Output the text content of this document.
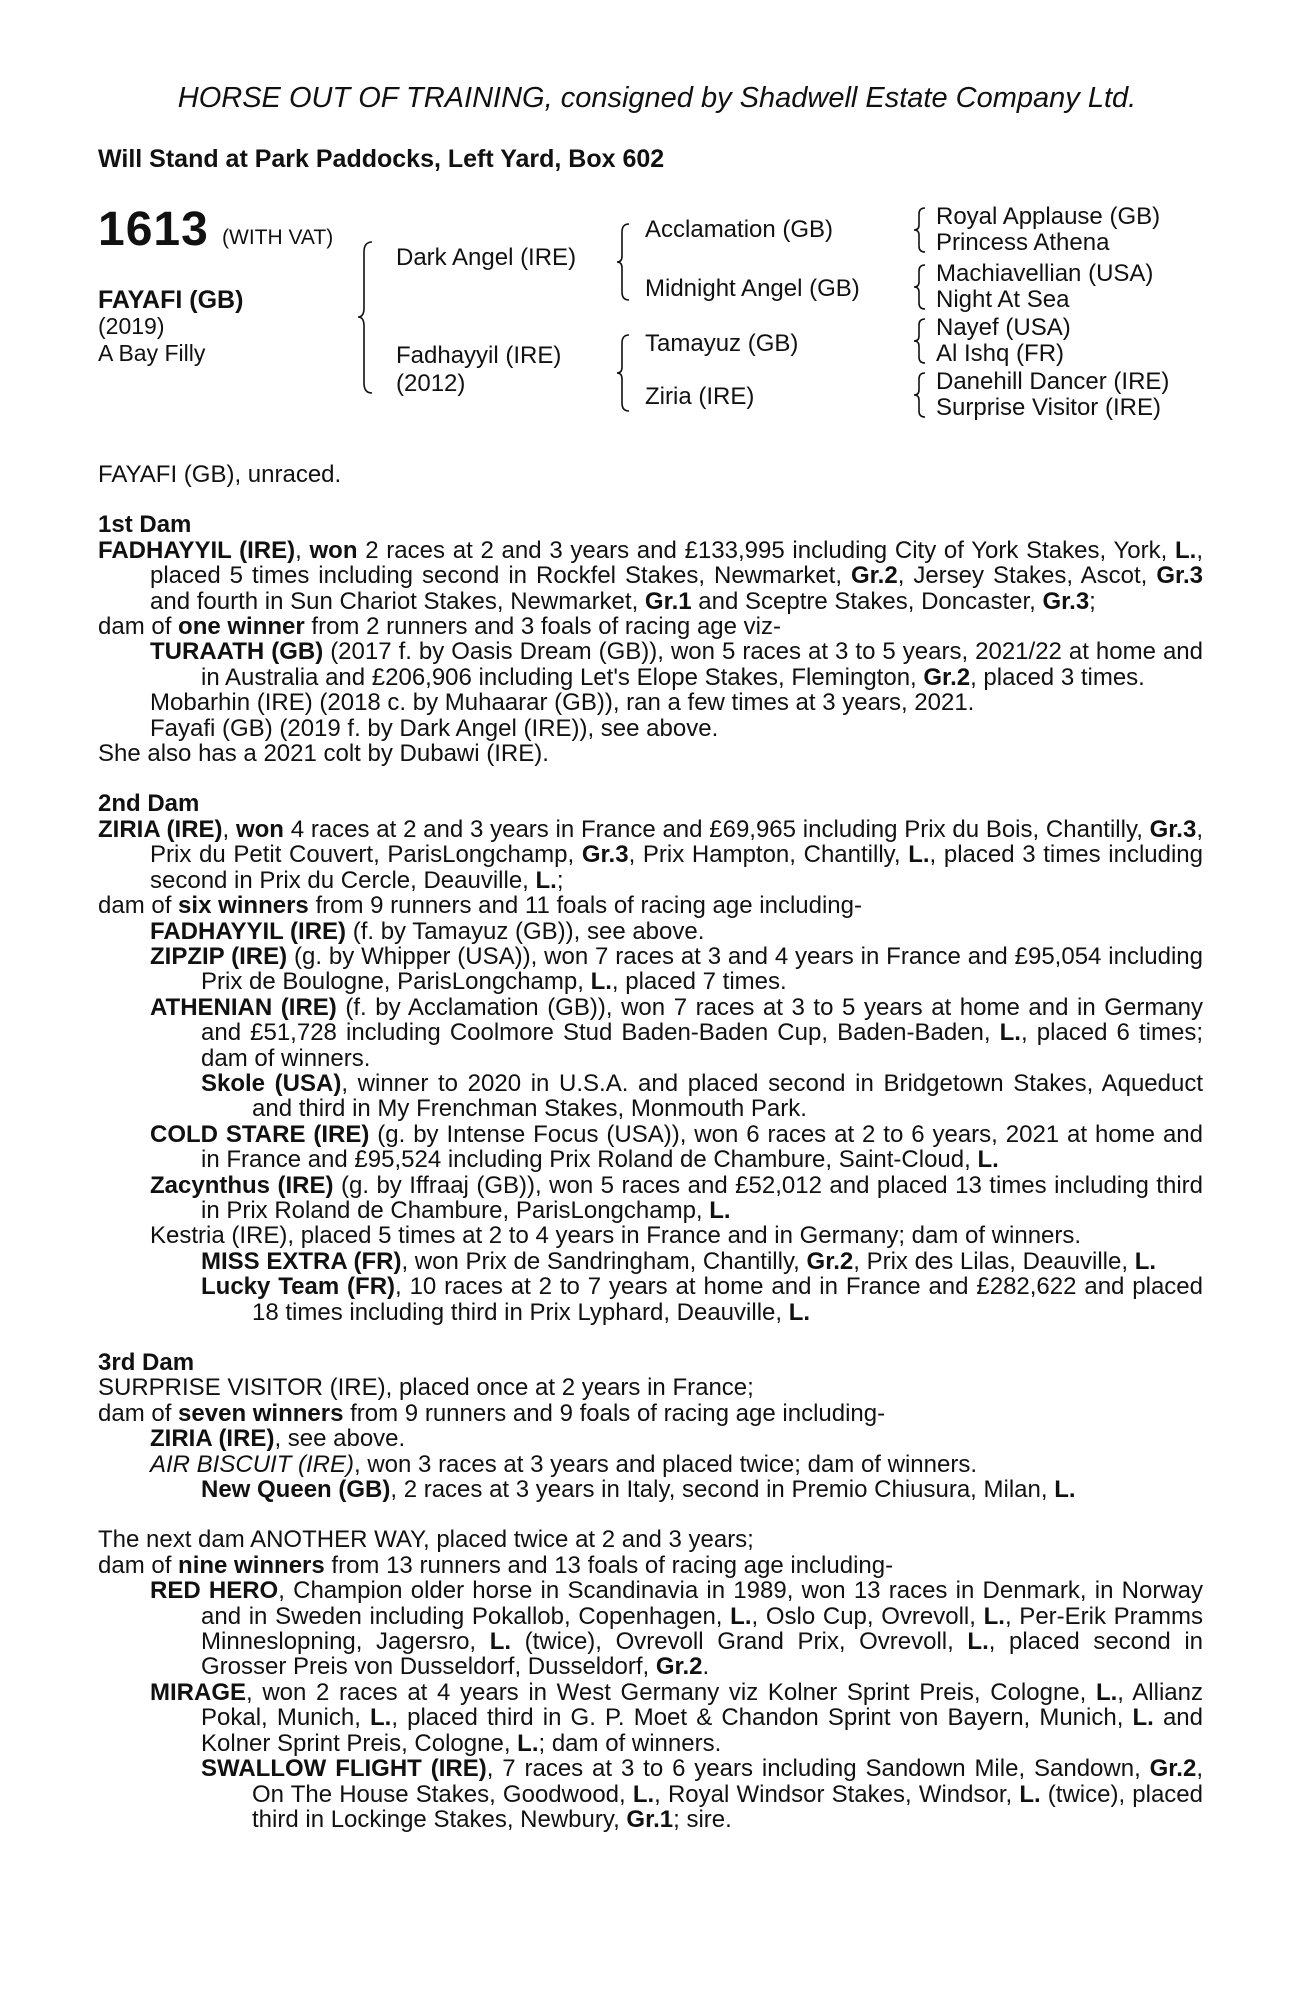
HORSE OUT OF TRAINING, consigned by Shadwell Estate Company Ltd.
Will Stand at Park Paddocks, Left Yard, Box 602
1613 (WITH VAT)
FAYAFI (GB)
(2019)
A Bay Filly
Dark Angel (IRE)
Fadhayyil (IRE)
(2012)
Acclamation (GB)
Midnight Angel (GB)
Tamayuz (GB)
Ziria (IRE)
Royal Applause (GB)
Princess Athena
Machiavellian (USA)
Night At Sea
Nayef (USA)
Al Ishq (FR)
Danehill Dancer (IRE)
Surprise Visitor (IRE)

FAYAFI (GB), unraced.

1st Dam

FADHAYYIL (IRE), won 2 races at 2 and 3 years and £133,995 including City of York Stakes, York, L., placed 5 times including second in Rockfel Stakes, Newmarket, Gr.2, Jersey Stakes, Ascot, Gr.3 and fourth in Sun Chariot Stakes, Newmarket, Gr.1 and Sceptre Stakes, Doncaster, Gr.3;

dam of one winner from 2 runners and 3 foals of racing age viz-

TURAATH (GB) (2017 f. by Oasis Dream (GB)), won 5 races at 3 to 5 years, 2021/22 at home and in Australia and £206,906 including Let's Elope Stakes, Flemington, Gr.2, placed 3 times.

Mobarhin (IRE) (2018 c. by Muhaarar (GB)), ran a few times at 3 years, 2021.

Fayafi (GB) (2019 f. by Dark Angel (IRE)), see above.

She also has a 2021 colt by Dubawi (IRE).

2nd Dam

ZIRIA (IRE), won 4 races at 2 and 3 years in France and £69,965 including Prix du Bois, Chantilly, Gr.3, Prix du Petit Couvert, ParisLongchamp, Gr.3, Prix Hampton, Chantilly, L., placed 3 times including second in Prix du Cercle, Deauville, L.;

dam of six winners from 9 runners and 11 foals of racing age including-

FADHAYYIL (IRE) (f. by Tamayuz (GB)), see above.

ZIPZIP (IRE) (g. by Whipper (USA)), won 7 races at 3 and 4 years in France and £95,054 including Prix de Boulogne, ParisLongchamp, L., placed 7 times.

ATHENIAN (IRE) (f. by Acclamation (GB)), won 7 races at 3 to 5 years at home and in Germany and £51,728 including Coolmore Stud Baden-Baden Cup, Baden-Baden, L., placed 6 times; dam of winners.

Skole (USA), winner to 2020 in U.S.A. and placed second in Bridgetown Stakes, Aqueduct and third in My Frenchman Stakes, Monmouth Park.

COLD STARE (IRE) (g. by Intense Focus (USA)), won 6 races at 2 to 6 years, 2021 at home and in France and £95,524 including Prix Roland de Chambure, Saint-Cloud, L.

Zacynthus (IRE) (g. by Iffraaj (GB)), won 5 races and £52,012 and placed 13 times including third in Prix Roland de Chambure, ParisLongchamp, L.

Kestria (IRE), placed 5 times at 2 to 4 years in France and in Germany; dam of winners.

MISS EXTRA (FR), won Prix de Sandringham, Chantilly, Gr.2, Prix des Lilas, Deauville, L.

Lucky Team (FR), 10 races at 2 to 7 years at home and in France and £282,622 and placed 18 times including third in Prix Lyphard, Deauville, L.

3rd Dam

SURPRISE VISITOR (IRE), placed once at 2 years in France;

dam of seven winners from 9 runners and 9 foals of racing age including-

ZIRIA (IRE), see above.

AIR BISCUIT (IRE), won 3 races at 3 years and placed twice; dam of winners.

New Queen (GB), 2 races at 3 years in Italy, second in Premio Chiusura, Milan, L.

The next dam ANOTHER WAY, placed twice at 2 and 3 years;

dam of nine winners from 13 runners and 13 foals of racing age including-

RED HERO, Champion older horse in Scandinavia in 1989, won 13 races in Denmark, in Norway and in Sweden including Pokallob, Copenhagen, L., Oslo Cup, Ovrevoll, L., Per-Erik Pramms Minneslopning, Jagersro, L. (twice), Ovrevoll Grand Prix, Ovrevoll, L., placed second in Grosser Preis von Dusseldorf, Dusseldorf, Gr.2.

MIRAGE, won 2 races at 4 years in West Germany viz Kolner Sprint Preis, Cologne, L., Allianz Pokal, Munich, L., placed third in G. P. Moet & Chandon Sprint von Bayern, Munich, L. and Kolner Sprint Preis, Cologne, L.; dam of winners.

SWALLOW FLIGHT (IRE), 7 races at 3 to 6 years including Sandown Mile, Sandown, Gr.2, On The House Stakes, Goodwood, L., Royal Windsor Stakes, Windsor, L. (twice), placed third in Lockinge Stakes, Newbury, Gr.1; sire.
